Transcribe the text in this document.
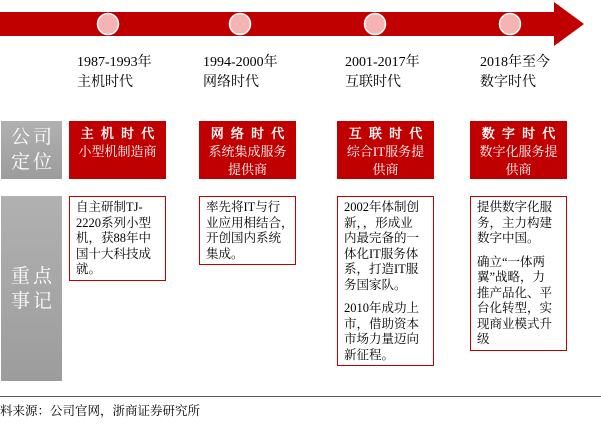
1987-1993年
主机时代
1994-2000年
网络时代
2001-2017年
互联时代
2018年至今
数字时代
公司
定位
重点
事记
主机时代
小型机制造商
网络时代
系统集成服务
提供商
互联时代
综合IT服务提
供商
数字时代
数字化服务提
供商
自主研制TJ-
2220系列小型
机，获88年中
国十大科技成
就。
率先将IT与行
业应用相结合，
开创国内系统
集成。
2002年体制创
新，，形成业
内最完备的一
体化IT服务体
系，打造IT服
务国家队。
2010年成功上
市，借助资本
市场力量迈向
新征程。
提供数字化服
务，主力构建
数字中国。
确立“一体两
翼”战略，力
推产品化、平
台化转型，实
现商业模式升
级
料来源：公司官网，浙商证券研究所
